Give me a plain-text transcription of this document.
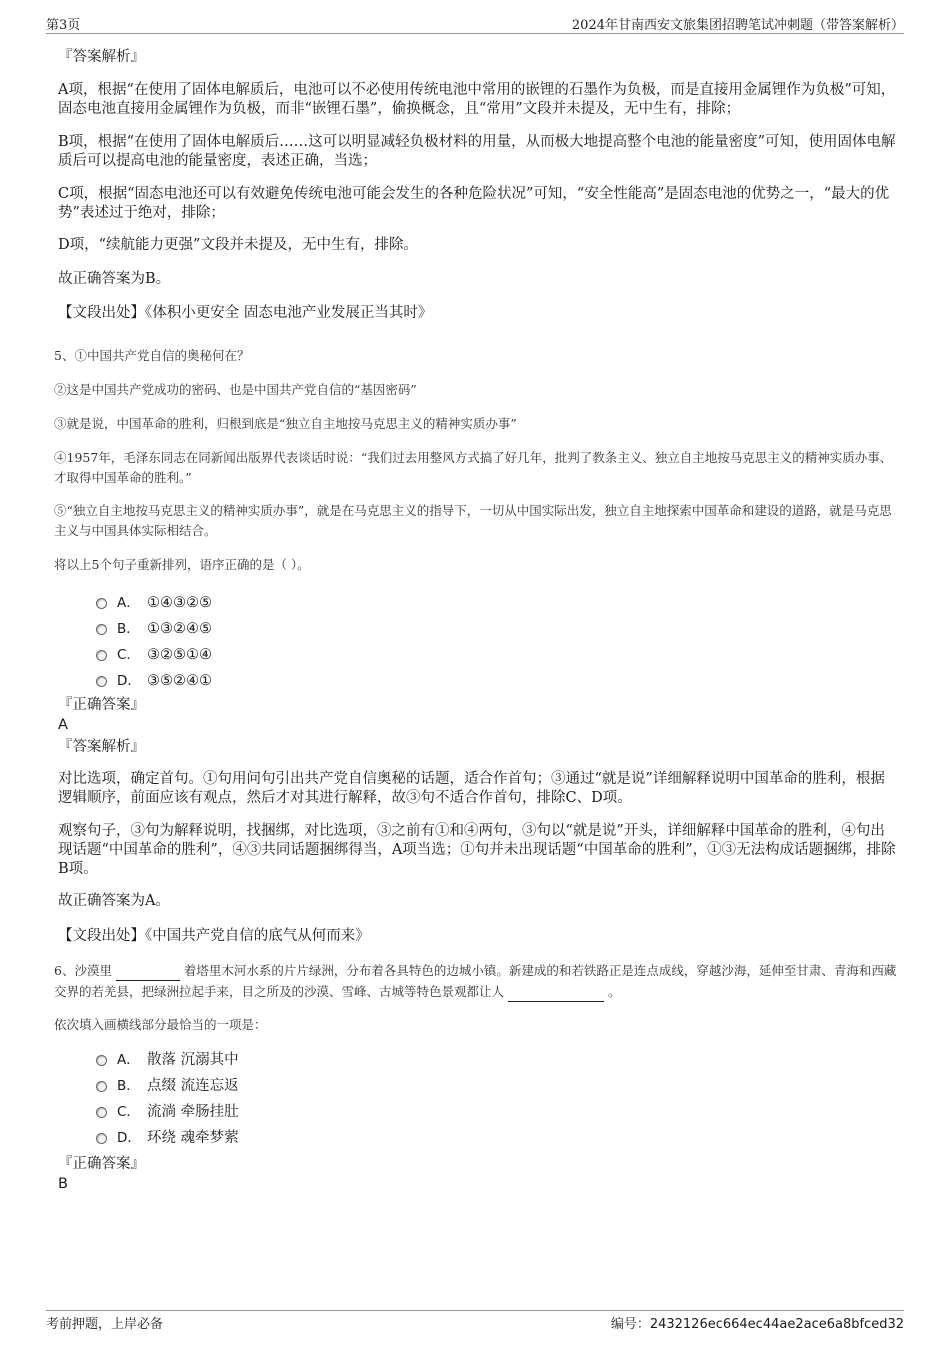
第3页	2024年甘南西安文旅集团招聘笔试冲刺题（带答案解析）
『答案解析』
A项，根据“在使用了固体电解质后，电池可以不必使用传统电池中常用的嵌锂的石墨作为负极，而是直接用金属锂作为负极”可知，固态电池直接用金属锂作为负极，而非“嵌锂石墨”，偷换概念，且“常用”文段并未提及，无中生有，排除；
B项，根据“在使用了固体电解质后……这可以明显减轻负极材料的用量，从而极大地提高整个电池的能量密度”可知，使用固体电解质后可以提高电池的能量密度，表述正确，当选；
C项，根据“固态电池还可以有效避免传统电池可能会发生的各种危险状况”可知，“安全性能高”是固态电池的优势之一，“最大的优势”表述过于绝对，排除；
D项，“续航能力更强”文段并未提及，无中生有，排除。
故正确答案为B。
【文段出处】《体积小更安全 固态电池产业发展正当其时》
5、①中国共产党自信的奥秘何在？
②这是中国共产党成功的密码、也是中国共产党自信的“基因密码”
③就是说，中国革命的胜利，归根到底是“独立自主地按马克思主义的精神实质办事”
④1957年，毛泽东同志在同新闻出版界代表谈话时说：“我们过去用整风方式搞了好几年，批判了教条主义、独立自主地按马克思主义的精神实质办事、才取得中国革命的胜利。”
⑤“独立自主地按马克思主义的精神实质办事”，就是在马克思主义的指导下，一切从中国实际出发，独立自主地探索中国革命和建设的道路，就是马克思主义与中国具体实际相结合。
将以上5个句子重新排列，语序正确的是（ ）。
A． ①④③②⑤
B． ①③②④⑤
C． ③②⑤①④
D． ③⑤②④①
『正确答案』
A
『答案解析』
对比选项，确定首句。①句用问句引出共产党自信奥秘的话题，适合作首句；③通过“就是说”详细解释说明中国革命的胜利，根据逻辑顺序，前面应该有观点，然后才对其进行解释，故③句不适合作首句，排除C、D项。
观察句子，③句为解释说明，找捆绑，对比选项，③之前有①和④两句，③句以“就是说”开头，详细解释中国革命的胜利，④句出现话题“中国革命的胜利”，④③共同话题捆绑得当，A项当选；①句并未出现话题“中国革命的胜利”，①③无法构成话题捆绑，排除B项。
故正确答案为A。
【文段出处】《中国共产党自信的底气从何而来》
6、沙漠里	着塔里木河水系的片片绿洲，分布着各具特色的边城小镇。新建成的和若铁路正是连点成线，穿越沙海，延伸至甘肃、青海和西藏交界的若羌县，把绿洲拉起手来，目之所及的沙漠、雪峰、古城等特色景观都让人	。
依次填入画横线部分最恰当的一项是：
A． 散落 沉溺其中
B． 点缀 流连忘返
C． 流淌 牵肠挂肚
D． 环绕 魂牵梦萦
『正确答案』
B
考前押题，上岸必备	编号：2432126ec664ec44ae2ace6a8bfced32
